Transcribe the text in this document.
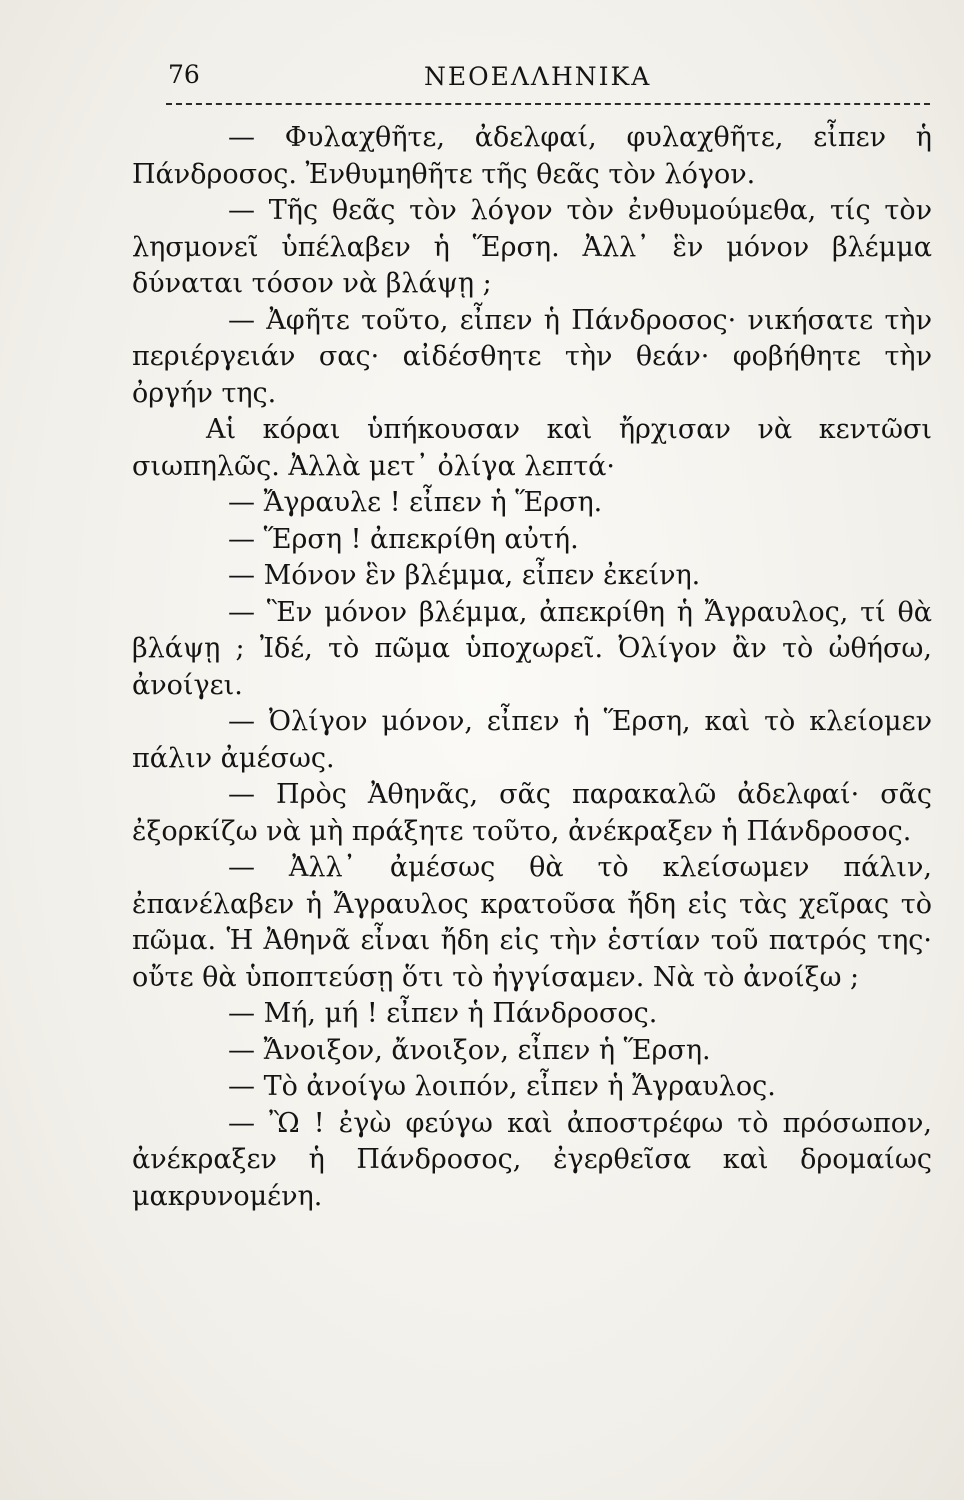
76	ΝΕΟΕΛΛΗΝΙΚΑ

— Φυλαχθῆτε, ἀδελφαί, φυλαχθῆτε, εἶπεν ἡ Πάνδροσος. Ἐνθυμηθῆτε τῆς θεᾶς τὸν λόγον.

— Τῆς θεᾶς τὸν λόγον τὸν ἐνθυμούμεθα, τίς τὸν λησμονεῖ ὑπέλαβεν ἡ Ἕρση. Ἀλλ᾽ ἓν μόνον βλέμμα δύναται τόσον νὰ βλάψῃ ;

— Ἀφῆτε τοῦτο, εἶπεν ἡ Πάνδροσος· νικήσατε τὴν περιέργειάν σας· αἰδέσθητε τὴν θεάν· φοβήθητε τὴν ὀργήν της.

Αἱ κόραι ὑπήκουσαν καὶ ἤρχισαν νὰ κεντῶσι σιωπηλῶς. Ἀλλὰ μετ᾽ ὀλίγα λεπτά·

— Ἄγραυλε ! εἶπεν ἡ Ἕρση.

— Ἕρση ! ἀπεκρίθη αὐτή.

— Μόνον ἓν βλέμμα, εἶπεν ἐκείνη.

— Ἓν μόνον βλέμμα, ἀπεκρίθη ἡ Ἄγραυλος, τί θὰ βλάψῃ ; Ἰδέ, τὸ πῶμα ὑποχωρεῖ. Ὀλίγον ἂν τὸ ὠθήσω, ἀνοίγει.

— Ὀλίγον μόνον, εἶπεν ἡ Ἕρση, καὶ τὸ κλείομεν πάλιν ἀμέσως.

— Πρὸς Ἀθηνᾶς, σᾶς παρακαλῶ ἀδελφαί· σᾶς ἐξορκίζω νὰ μὴ πράξητε τοῦτο, ἀνέκραξεν ἡ Πάνδροσος.

— Ἀλλ᾽ ἀμέσως θὰ τὸ κλείσωμεν πάλιν, ἐπανέλαβεν ἡ Ἄγραυλος κρατοῦσα ἤδη εἰς τὰς χεῖρας τὸ πῶμα. Ἡ Ἀθηνᾶ εἶναι ἤδη εἰς τὴν ἑστίαν τοῦ πατρός της· οὔτε θὰ ὑποπτεύσῃ ὅτι τὸ ἠγγίσαμεν. Νὰ τὸ ἀνοίξω ;

— Μή, μή ! εἶπεν ἡ Πάνδροσος.

— Ἄνοιξον, ἄνοιξον, εἶπεν ἡ Ἕρση.

— Τὸ ἀνοίγω λοιπόν, εἶπεν ἡ Ἄγραυλος.

— Ὢ ! ἐγὼ φεύγω καὶ ἀποστρέφω τὸ πρόσωπον, ἀνέκραξεν ἡ Πάνδροσος, ἐγερθεῖσα καὶ δρομαίως μακρυνομένη.
